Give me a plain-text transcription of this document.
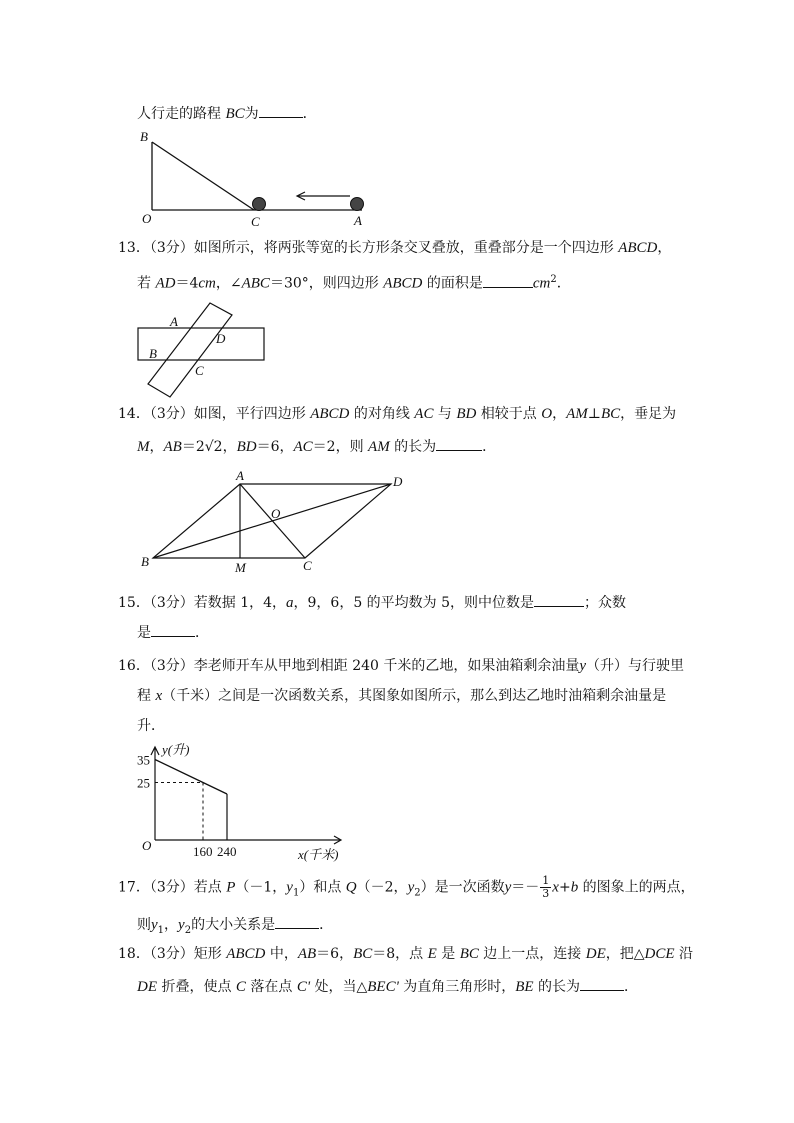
人行走的路程 BC为	．
B
O	C	A
13．（3分）如图所示，将两张等宽的长方形条交叉叠放，重叠部分是一个四边形 ABCD，
若 AD＝4cm，∠ABC＝30°，则四边形 ABCD 的面积是	$cm^2$．
A
B
D
C
14．（3分）如图，平行四边形 ABCD 的对角线 AC 与 BD 相较于点 O，AM⊥BC，垂足为
M，AB＝2√2，BD＝6，AC＝2，则 AM 的长为	．
A	D
O
B	M	C
15．（3分）若数据 1，4，a，9，6，5 的平均数为 5，则中位数是	；众数
是	．
16．（3分）李老师开车从甲地到相距 240 千米的乙地，如果油箱剩余油量y（升）与行驶里
程 x（千米）之间是一次函数关系，其图象如图所示，那么到达乙地时油箱剩余油量是
升．
35
25
160 240
y(升)
x(千米)
O
17．（3分）若点 P（－1，$y_1$）和点 Q（－2，$y_2$）是一次函数$y=- \frac{1}{3} x+b$ 的图象上的两点，
则$y_1$，$y_2$的大小关系是	．
18．（3分）矩形 ABCD 中，AB＝6，BC＝8，点 E 是 BC 边上一点，连接 DE，把△DCE 沿
DE 折叠，使点 C 落在点 C' 处，当△BEC' 为直角三角形时，BE 的长为	．
